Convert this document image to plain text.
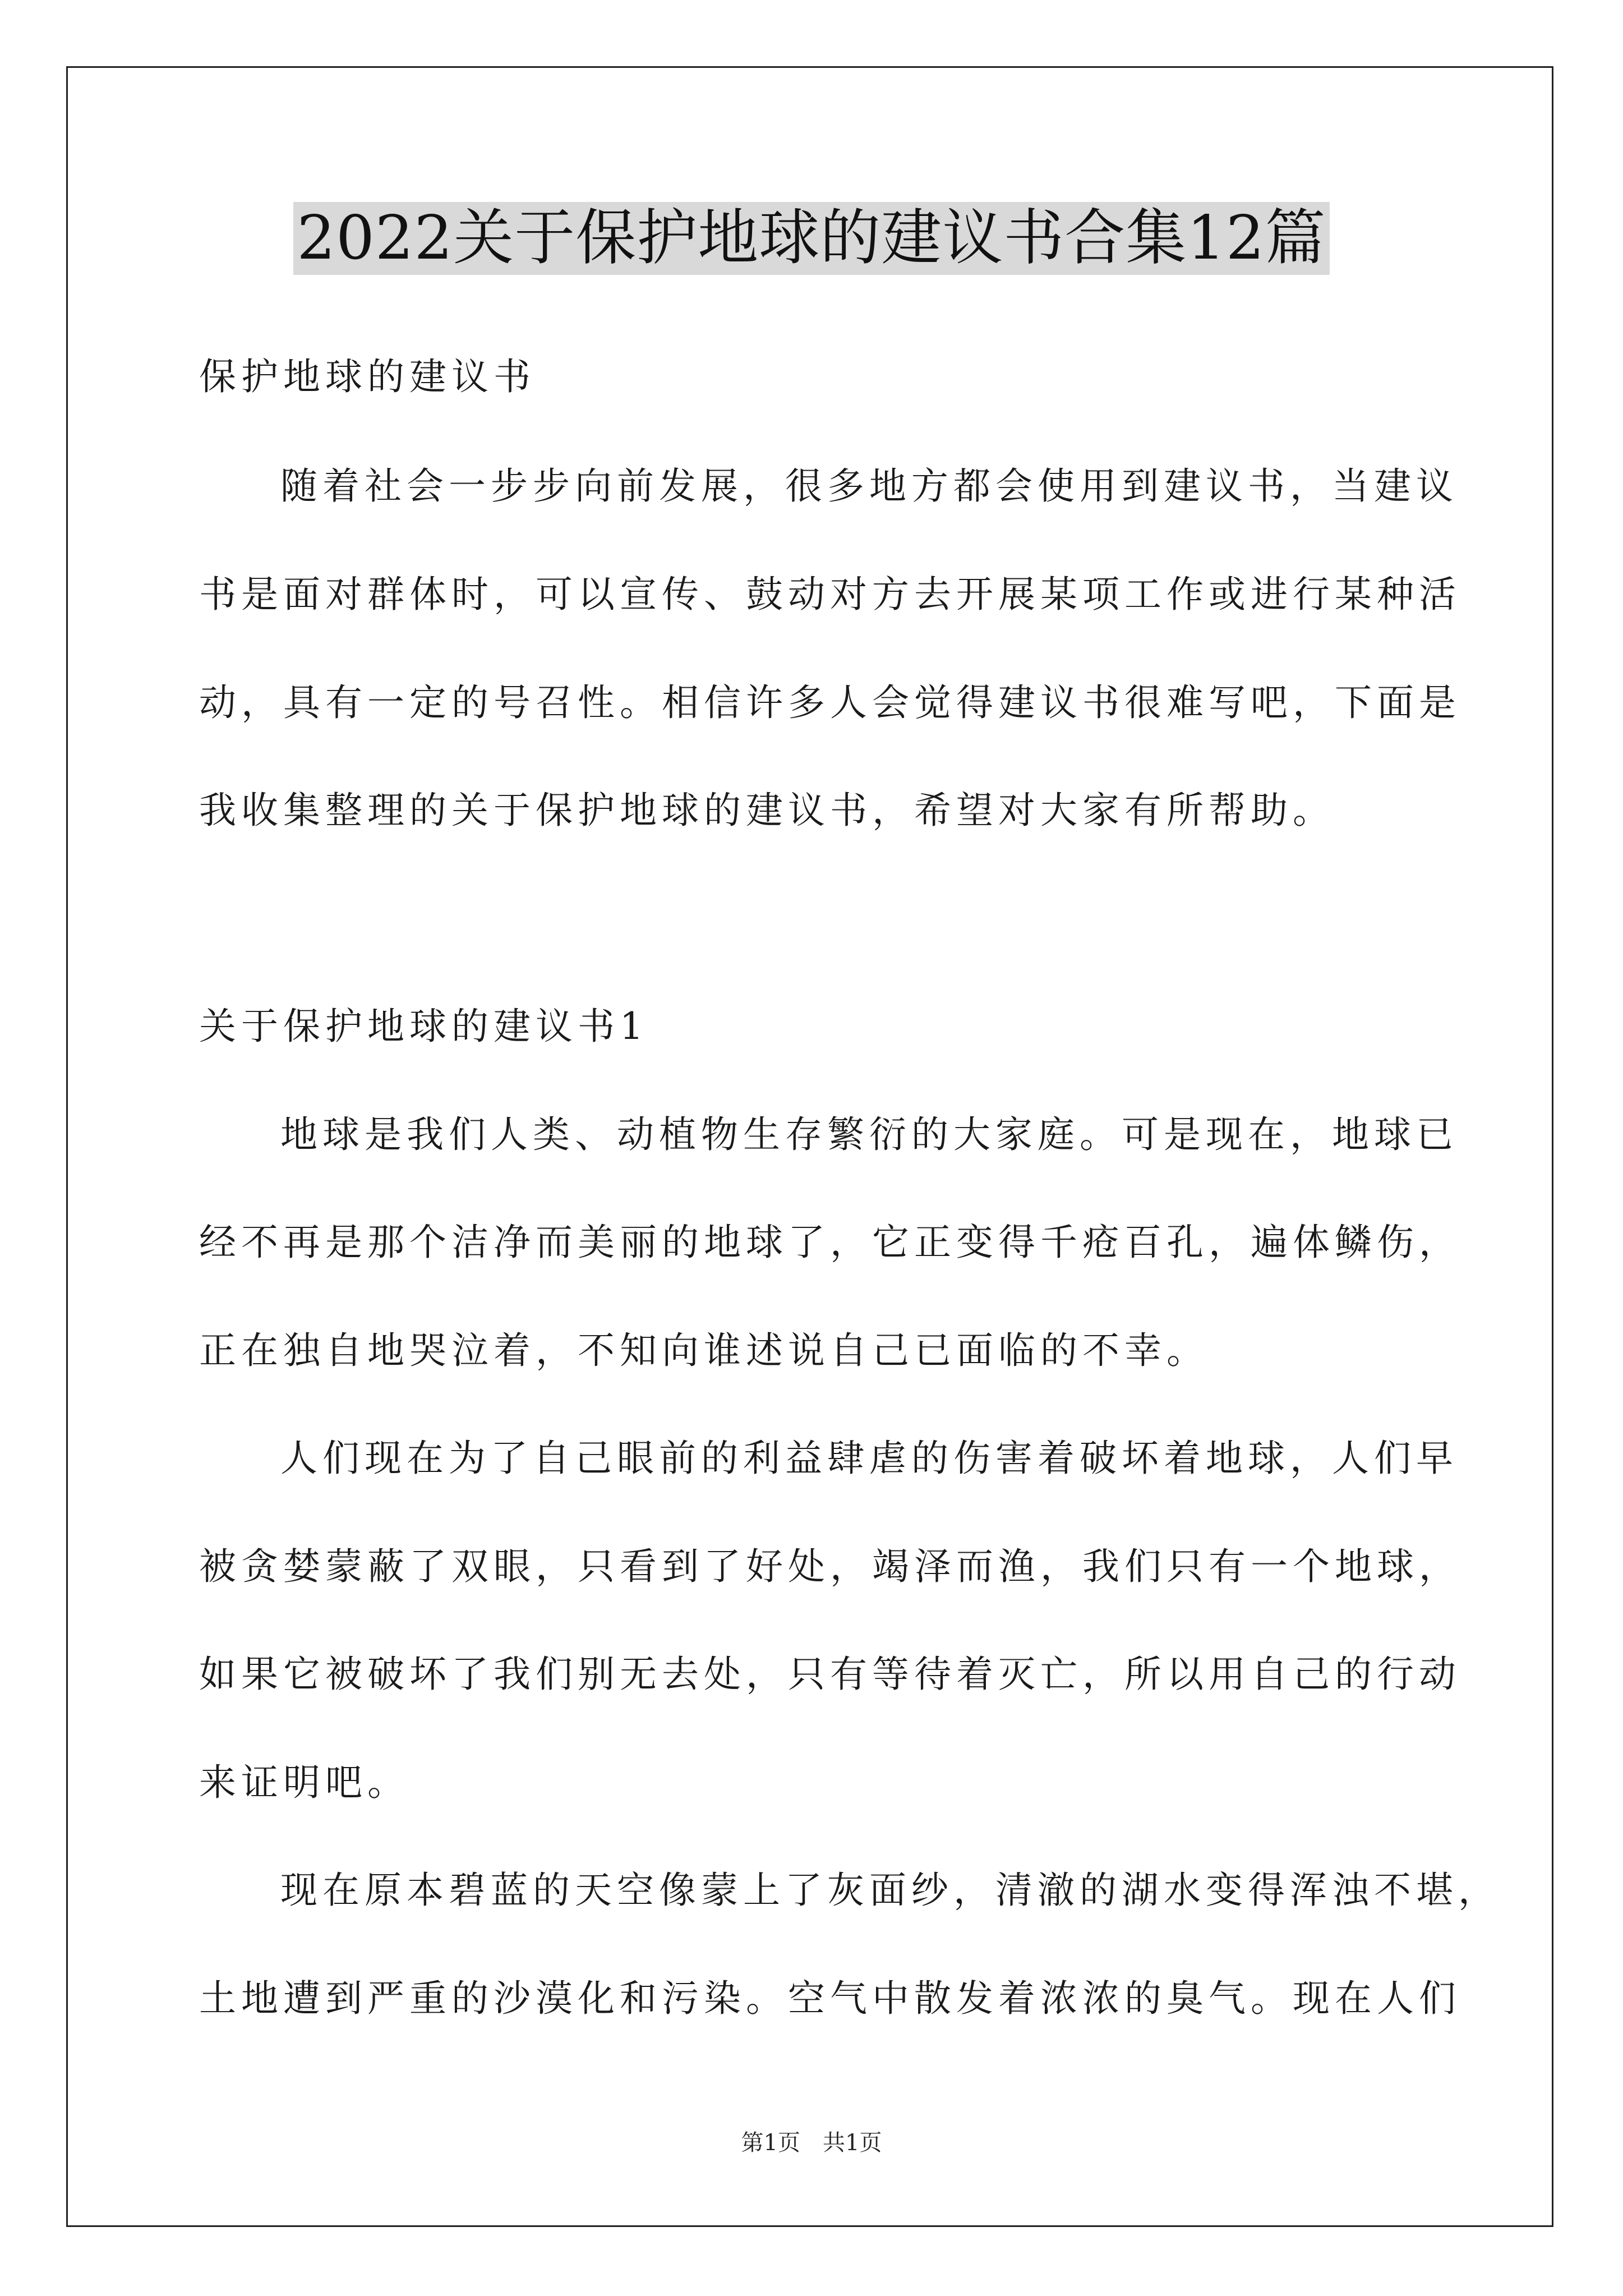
2022关于保护地球的建议书合集12篇
保护地球的建议书
随着社会一步步向前发展，很多地方都会使用到建议书，当建议
书是面对群体时，可以宣传、鼓动对方去开展某项工作或进行某种活
动，具有一定的号召性。相信许多人会觉得建议书很难写吧，下面是
我收集整理的关于保护地球的建议书，希望对大家有所帮助。
关于保护地球的建议书1
地球是我们人类、动植物生存繁衍的大家庭。可是现在，地球已
经不再是那个洁净而美丽的地球了，它正变得千疮百孔，遍体鳞伤，
正在独自地哭泣着，不知向谁述说自己已面临的不幸。
人们现在为了自己眼前的利益肆虐的伤害着破坏着地球，人们早
被贪婪蒙蔽了双眼，只看到了好处，竭泽而渔，我们只有一个地球，
如果它被破坏了我们别无去处，只有等待着灭亡，所以用自己的行动
来证明吧。
现在原本碧蓝的天空像蒙上了灰面纱，清澈的湖水变得浑浊不堪，
土地遭到严重的沙漠化和污染。空气中散发着浓浓的臭气。现在人们
第1页　共1页
